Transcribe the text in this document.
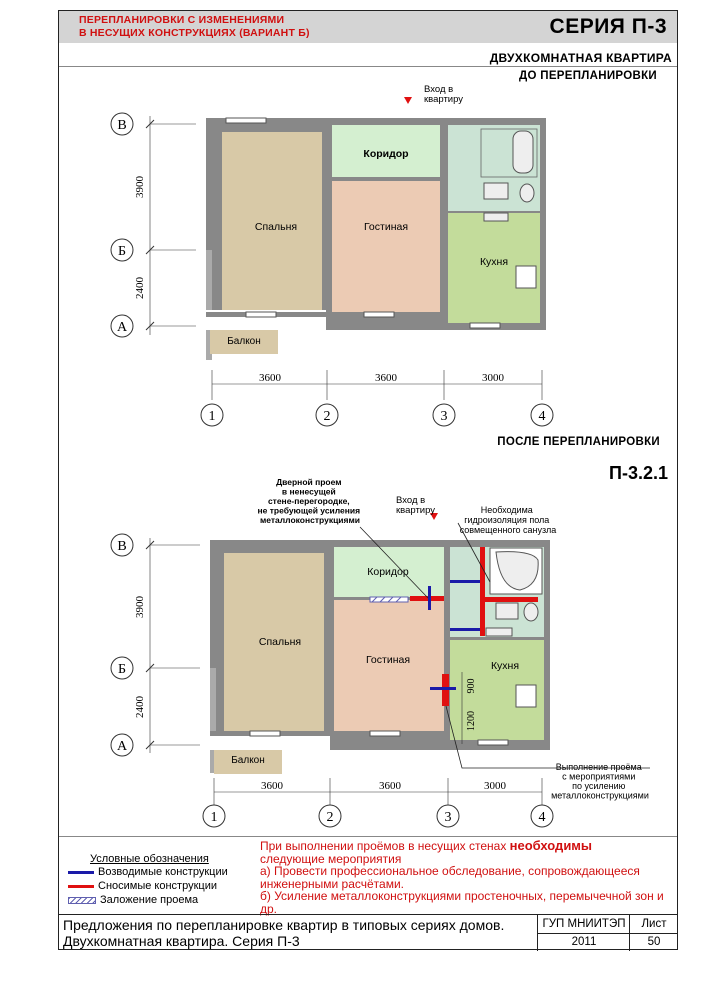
ПЕРЕПЛАНИРОВКИ С ИЗМЕНЕНИЯМИ
В НЕСУЩИХ КОНСТРУКЦИЯХ (ВАРИАНТ Б)	СЕРИЯ П-3
ДВУХКОМНАТНАЯ КВАРТИРА
ДО ПЕРЕПЛАНИРОВКИ
ПОСЛЕ ПЕРЕПЛАНИРОВКИ
П-3.2.1
3900
2400
В
Б
А
Вход в квартиру
Спальня
Коридор
Гостиная
Кухня
Балкон
3600	3600	3000
1	2	3	4
3900
2400
В
Б
А
900
1200
Вход в квартиру
Спальня
Коридор
Гостиная	Кухня
Балкон
Дверной проем в ненесущей стене-перегородке, не требующей усиления металлоконструкциями
Необходима гидроизоляция пола совмещенного санузла
Выполнение проёма с мероприятиями по усилению металлоконструкциями
3600	3600	3000
1	2	3	4
Условные обозначения
Возводимые конструкции
Сносимые конструкции
Заложение проема
При выполнении проёмов в несущих стенах необходимы
следующие мероприятия
а) Провести профессиональное обследование, сопровождающееся инженерными расчётами.
б) Усиление металлоконструкциями простеночных, перемычечной зон и др.
Предложения по перепланировке квартир в типовых сериях домов.
Двухкомнатная квартира. Серия П-3
ГУП МНИИТЭП
2011
Лист
50
